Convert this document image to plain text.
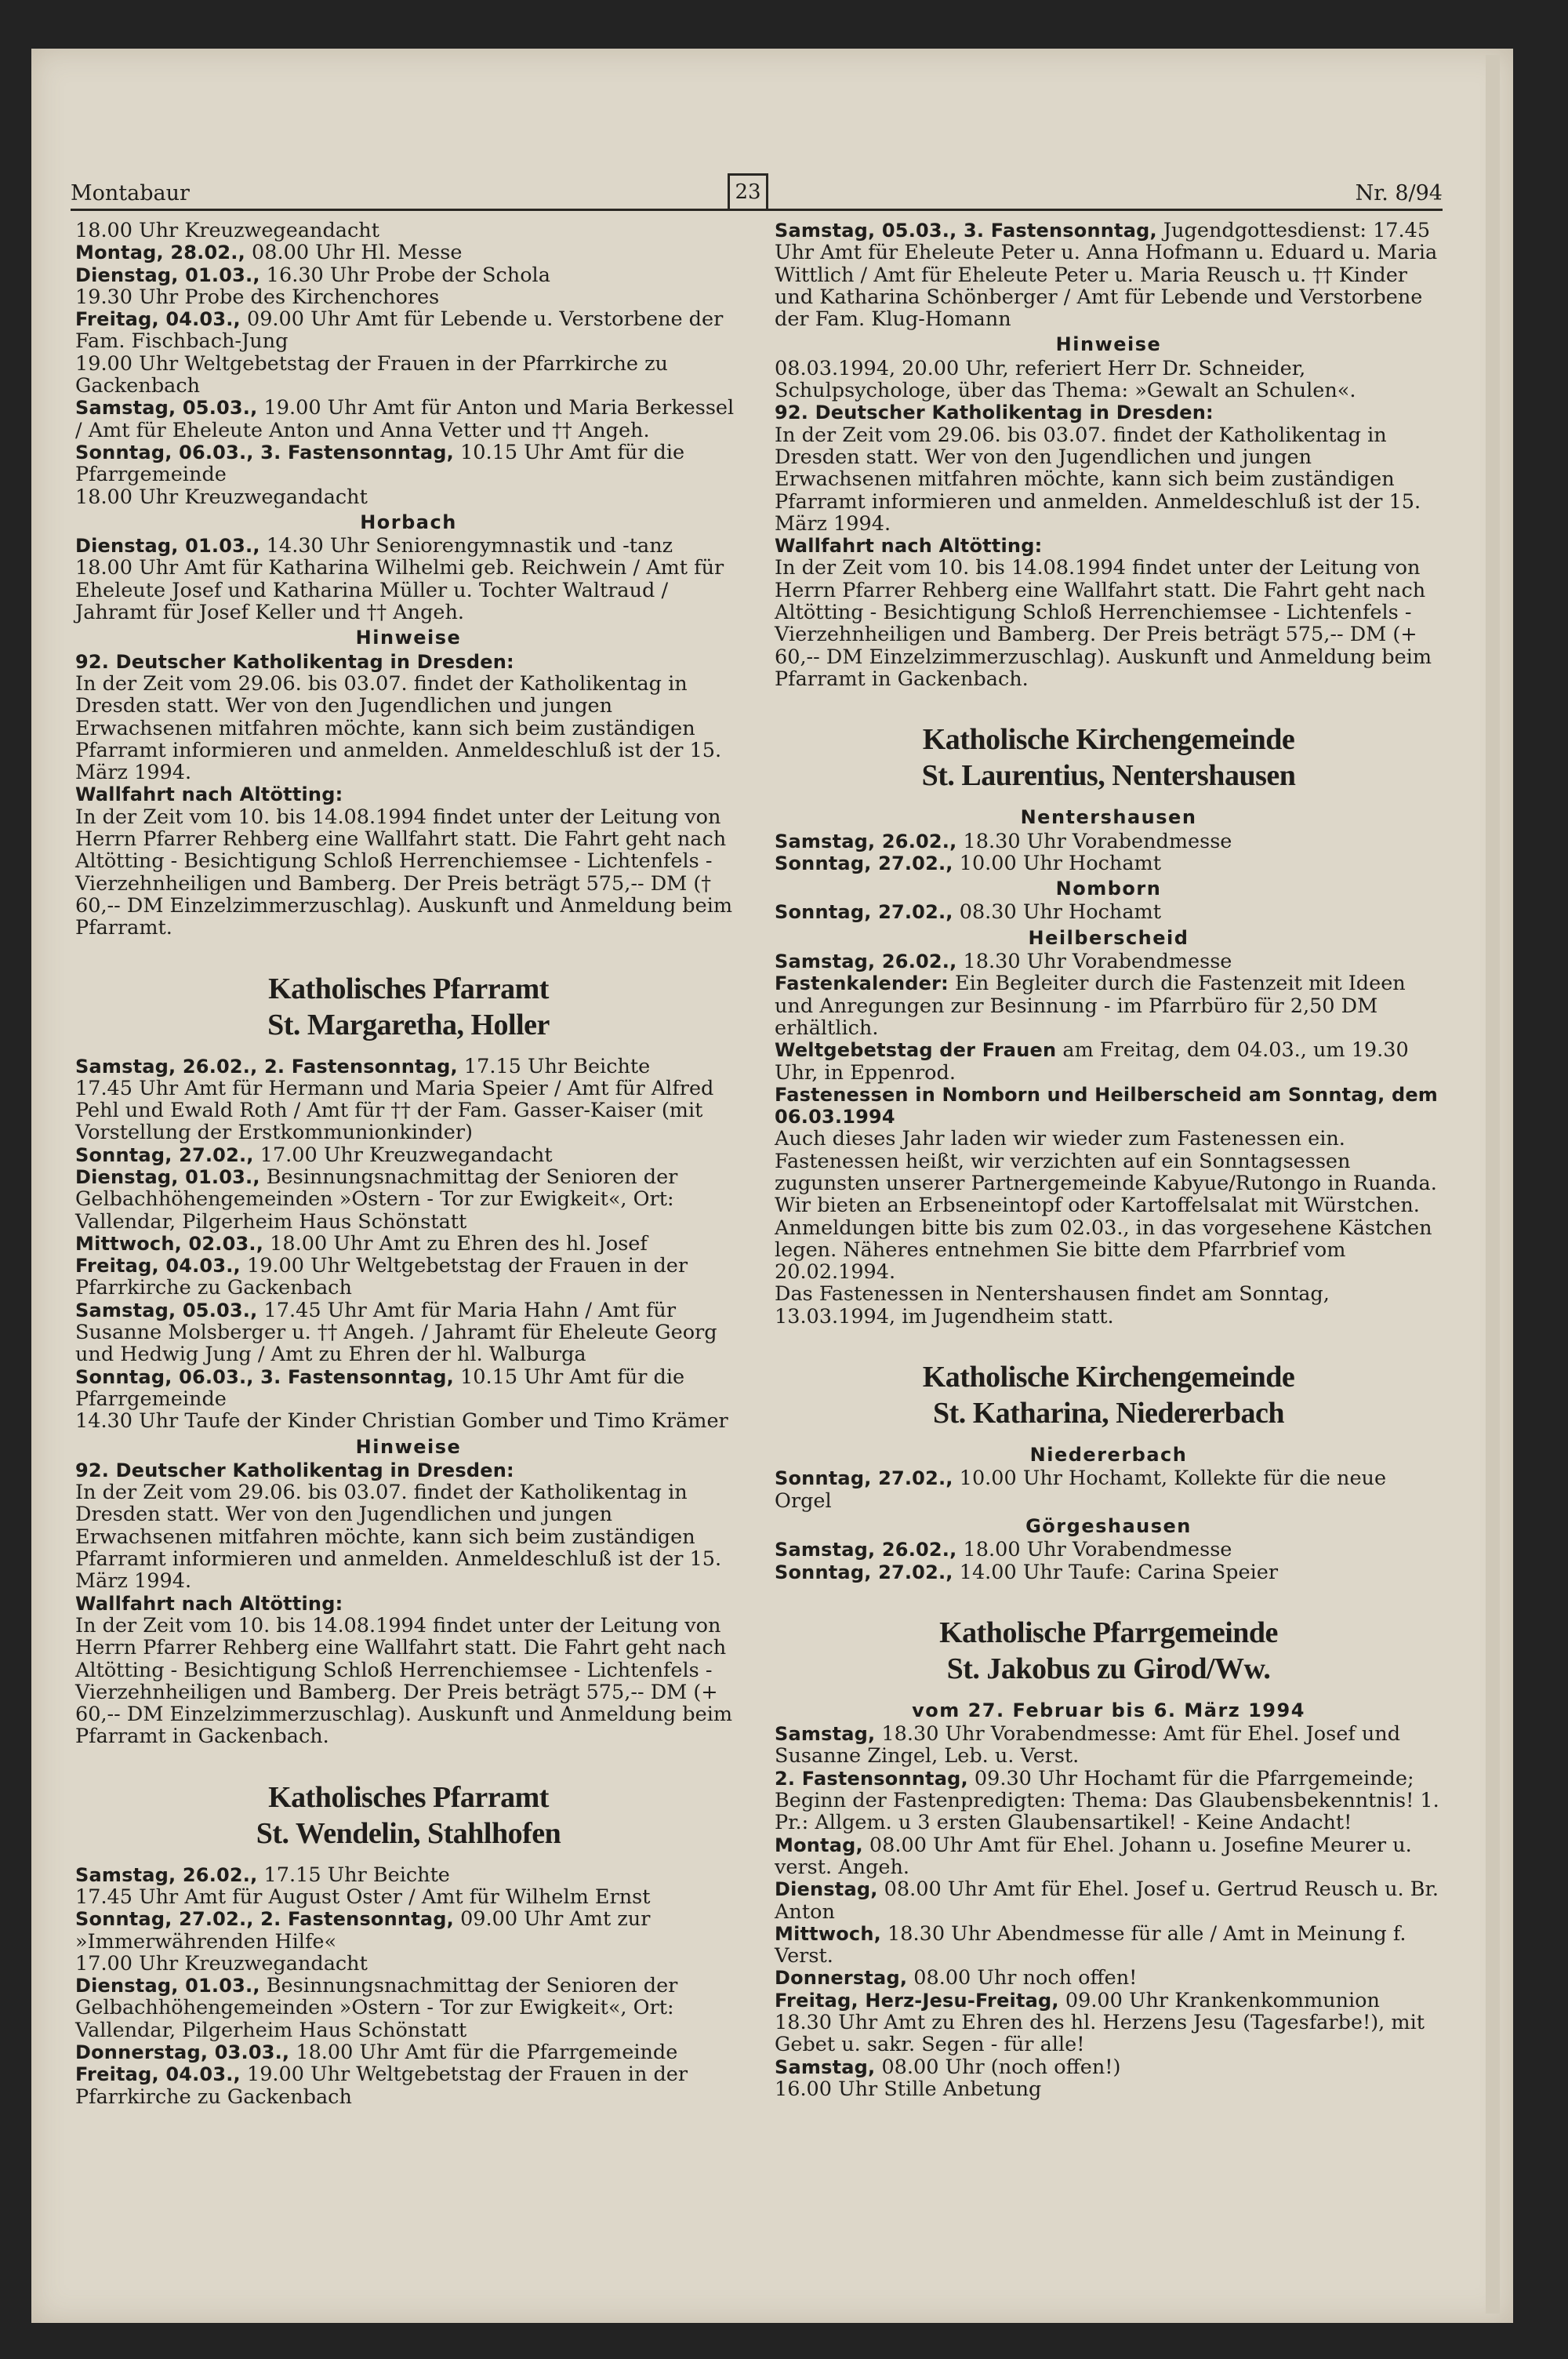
Montabaur	23	Nr. 8/94

18.00 Uhr Kreuzwegeandacht

Montag, 28.02., 08.00 Uhr Hl. Messe

Dienstag, 01.03., 16.30 Uhr Probe der Schola

19.30 Uhr Probe des Kirchenchores

Freitag, 04.03., 09.00 Uhr Amt für Lebende u. Verstorbene der Fam. Fischbach-Jung

19.00 Uhr Weltgebetstag der Frauen in der Pfarrkirche zu Gackenbach

Samstag, 05.03., 19.00 Uhr Amt für Anton und Maria Berkessel / Amt für Eheleute Anton und Anna Vetter und †† Angeh.

Sonntag, 06.03., 3. Fastensonntag, 10.15 Uhr Amt für die Pfarrgemeinde

18.00 Uhr Kreuzwegandacht

Horbach

Dienstag, 01.03., 14.30 Uhr Seniorengymnastik und -tanz

18.00 Uhr Amt für Katharina Wilhelmi geb. Reichwein / Amt für Eheleute Josef und Katharina Müller u. Tochter Waltraud / Jahramt für Josef Keller und †† Angeh.

Hinweise

92. Deutscher Katholikentag in Dresden:

In der Zeit vom 29.06. bis 03.07. findet der Katholikentag in Dresden statt. Wer von den Jugendlichen und jungen Erwachsenen mitfahren möchte, kann sich beim zuständigen Pfarramt informieren und anmelden. Anmeldeschluß ist der 15. März 1994.

Wallfahrt nach Altötting:

In der Zeit vom 10. bis 14.08.1994 findet unter der Leitung von Herrn Pfarrer Rehberg eine Wallfahrt statt. Die Fahrt geht nach Altötting - Besichtigung Schloß Herrenchiemsee - Lichtenfels - Vierzehnheiligen und Bamberg. Der Preis beträgt 575,-- DM († 60,-- DM Einzelzimmerzuschlag). Auskunft und Anmeldung beim Pfarramt.

Katholisches Pfarramt
St. Margaretha, Holler

Samstag, 26.02., 2. Fastensonntag, 17.15 Uhr Beichte

17.45 Uhr Amt für Hermann und Maria Speier / Amt für Alfred Pehl und Ewald Roth / Amt für †† der Fam. Gasser-Kaiser (mit Vorstellung der Erstkommunionkinder)

Sonntag, 27.02., 17.00 Uhr Kreuzwegandacht

Dienstag, 01.03., Besinnungsnachmittag der Senioren der Gelbachhöhengemeinden »Ostern - Tor zur Ewigkeit«, Ort: Vallendar, Pilgerheim Haus Schönstatt

Mittwoch, 02.03., 18.00 Uhr Amt zu Ehren des hl. Josef

Freitag, 04.03., 19.00 Uhr Weltgebetstag der Frauen in der Pfarrkirche zu Gackenbach

Samstag, 05.03., 17.45 Uhr Amt für Maria Hahn / Amt für Susanne Molsberger u. †† Angeh. / Jahramt für Eheleute Georg und Hedwig Jung / Amt zu Ehren der hl. Walburga

Sonntag, 06.03., 3. Fastensonntag, 10.15 Uhr Amt für die Pfarrgemeinde

14.30 Uhr Taufe der Kinder Christian Gomber und Timo Krämer

Hinweise

92. Deutscher Katholikentag in Dresden:

In der Zeit vom 29.06. bis 03.07. findet der Katholikentag in Dresden statt. Wer von den Jugendlichen und jungen Erwachsenen mitfahren möchte, kann sich beim zuständigen Pfarramt informieren und anmelden. Anmeldeschluß ist der 15. März 1994.

Wallfahrt nach Altötting:

In der Zeit vom 10. bis 14.08.1994 findet unter der Leitung von Herrn Pfarrer Rehberg eine Wallfahrt statt. Die Fahrt geht nach Altötting - Besichtigung Schloß Herrenchiemsee - Lichtenfels - Vierzehnheiligen und Bamberg. Der Preis beträgt 575,-- DM (+ 60,-- DM Einzelzimmerzuschlag). Auskunft und Anmeldung beim Pfarramt in Gackenbach.

Katholisches Pfarramt
St. Wendelin, Stahlhofen

Samstag, 26.02., 17.15 Uhr Beichte

17.45 Uhr Amt für August Oster / Amt für Wilhelm Ernst

Sonntag, 27.02., 2. Fastensonntag, 09.00 Uhr Amt zur »Immerwährenden Hilfe«

17.00 Uhr Kreuzwegandacht

Dienstag, 01.03., Besinnungsnachmittag der Senioren der Gelbachhöhengemeinden »Ostern - Tor zur Ewigkeit«, Ort: Vallendar, Pilgerheim Haus Schönstatt

Donnerstag, 03.03., 18.00 Uhr Amt für die Pfarrgemeinde

Freitag, 04.03., 19.00 Uhr Weltgebetstag der Frauen in der Pfarrkirche zu Gackenbach

Samstag, 05.03., 3. Fastensonntag, Jugendgottesdienst: 17.45 Uhr Amt für Eheleute Peter u. Anna Hofmann u. Eduard u. Maria Wittlich / Amt für Eheleute Peter u. Maria Reusch u. †† Kinder und Katharina Schönberger / Amt für Lebende und Verstorbene der Fam. Klug-Homann

Hinweise

08.03.1994, 20.00 Uhr, referiert Herr Dr. Schneider, Schulpsychologe, über das Thema: »Gewalt an Schulen«.

92. Deutscher Katholikentag in Dresden:

In der Zeit vom 29.06. bis 03.07. findet der Katholikentag in Dresden statt. Wer von den Jugendlichen und jungen Erwachsenen mitfahren möchte, kann sich beim zuständigen Pfarramt informieren und anmelden. Anmeldeschluß ist der 15. März 1994.

Wallfahrt nach Altötting:

In der Zeit vom 10. bis 14.08.1994 findet unter der Leitung von Herrn Pfarrer Rehberg eine Wallfahrt statt. Die Fahrt geht nach Altötting - Besichtigung Schloß Herrenchiemsee - Lichtenfels - Vierzehnheiligen und Bamberg. Der Preis beträgt 575,-- DM (+ 60,-- DM Einzelzimmerzuschlag). Auskunft und Anmeldung beim Pfarramt in Gackenbach.

Katholische Kirchengemeinde
St. Laurentius, Nentershausen
Nentershausen

Samstag, 26.02., 18.30 Uhr Vorabendmesse

Sonntag, 27.02., 10.00 Uhr Hochamt

Nomborn

Sonntag, 27.02., 08.30 Uhr Hochamt

Heilberscheid

Samstag, 26.02., 18.30 Uhr Vorabendmesse

Fastenkalender: Ein Begleiter durch die Fastenzeit mit Ideen und Anregungen zur Besinnung - im Pfarrbüro für 2,50 DM erhältlich.

Weltgebetstag der Frauen am Freitag, dem 04.03., um 19.30 Uhr, in Eppenrod.

Fastenessen in Nomborn und Heilberscheid am Sonntag, dem 06.03.1994

Auch dieses Jahr laden wir wieder zum Fastenessen ein. Fastenessen heißt, wir verzichten auf ein Sonntagsessen zugunsten unserer Partnergemeinde Kabyue/Rutongo in Ruanda. Wir bieten an Erbseneintopf oder Kartoffelsalat mit Würstchen. Anmeldungen bitte bis zum 02.03., in das vorgesehene Kästchen legen. Näheres entnehmen Sie bitte dem Pfarrbrief vom 20.02.1994.

Das Fastenessen in Nentershausen findet am Sonntag, 13.03.1994, im Jugendheim statt.

Katholische Kirchengemeinde
St. Katharina, Niedererbach
Niedererbach

Sonntag, 27.02., 10.00 Uhr Hochamt, Kollekte für die neue Orgel

Görgeshausen

Samstag, 26.02., 18.00 Uhr Vorabendmesse

Sonntag, 27.02., 14.00 Uhr Taufe: Carina Speier

Katholische Pfarrgemeinde
St. Jakobus zu Girod/Ww.
vom 27. Februar bis 6. März 1994

Samstag, 18.30 Uhr Vorabendmesse: Amt für Ehel. Josef und Susanne Zingel, Leb. u. Verst.

2. Fastensonntag, 09.30 Uhr Hochamt für die Pfarrgemeinde; Beginn der Fastenpredigten: Thema: Das Glaubensbekenntnis! 1. Pr.: Allgem. u 3 ersten Glaubensartikel! - Keine Andacht!

Montag, 08.00 Uhr Amt für Ehel. Johann u. Josefine Meurer u. verst. Angeh.

Dienstag, 08.00 Uhr Amt für Ehel. Josef u. Gertrud Reusch u. Br. Anton

Mittwoch, 18.30 Uhr Abendmesse für alle / Amt in Meinung f. Verst.

Donnerstag, 08.00 Uhr noch offen!

Freitag, Herz-Jesu-Freitag, 09.00 Uhr Krankenkommunion

18.30 Uhr Amt zu Ehren des hl. Herzens Jesu (Tagesfarbe!), mit Gebet u. sakr. Segen - für alle!

Samstag, 08.00 Uhr (noch offen!)

16.00 Uhr Stille Anbetung
